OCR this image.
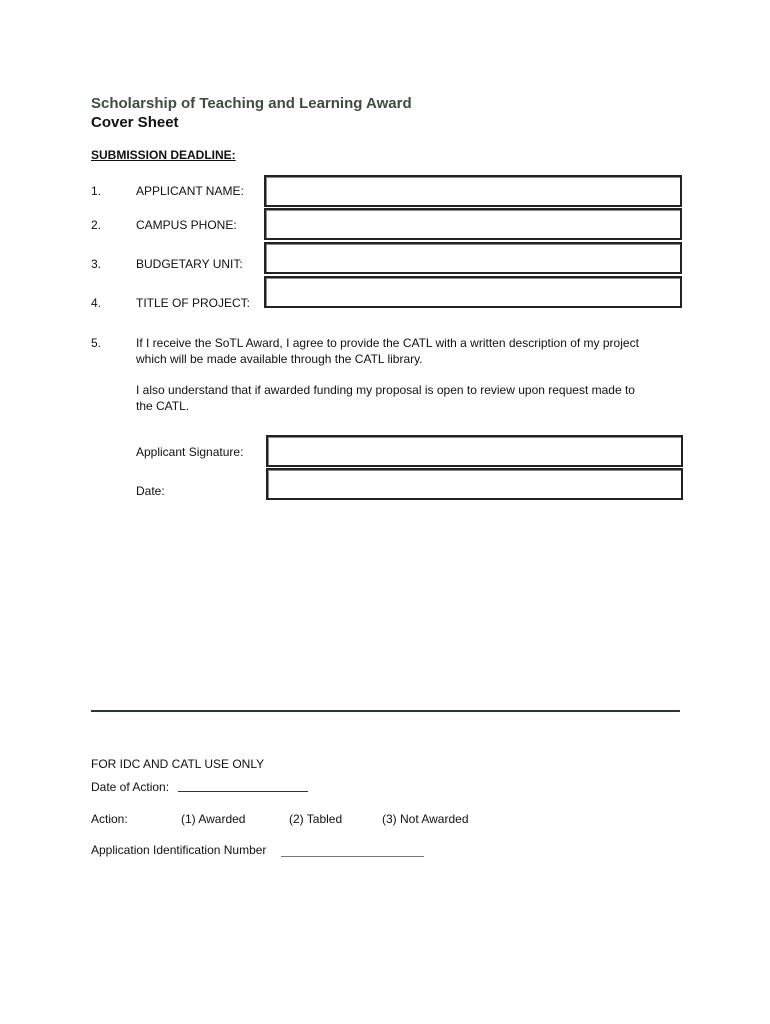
Scholarship of Teaching and Learning Award
Cover Sheet
SUBMISSION DEADLINE:
1.	APPLICANT NAME:
2.	CAMPUS PHONE:
3.	BUDGETARY UNIT:
4.	TITLE OF PROJECT:
5.	If I receive the SoTL Award, I agree to provide the CATL with a written description of my project
which will be made available through the CATL library.
I also understand that if awarded funding my proposal is open to review upon request made to
the CATL.
Applicant Signature:
Date:
FOR IDC AND CATL USE ONLY
Date of Action:
Action:	(1) Awarded	(2) Tabled	(3) Not Awarded
Application Identification Number
